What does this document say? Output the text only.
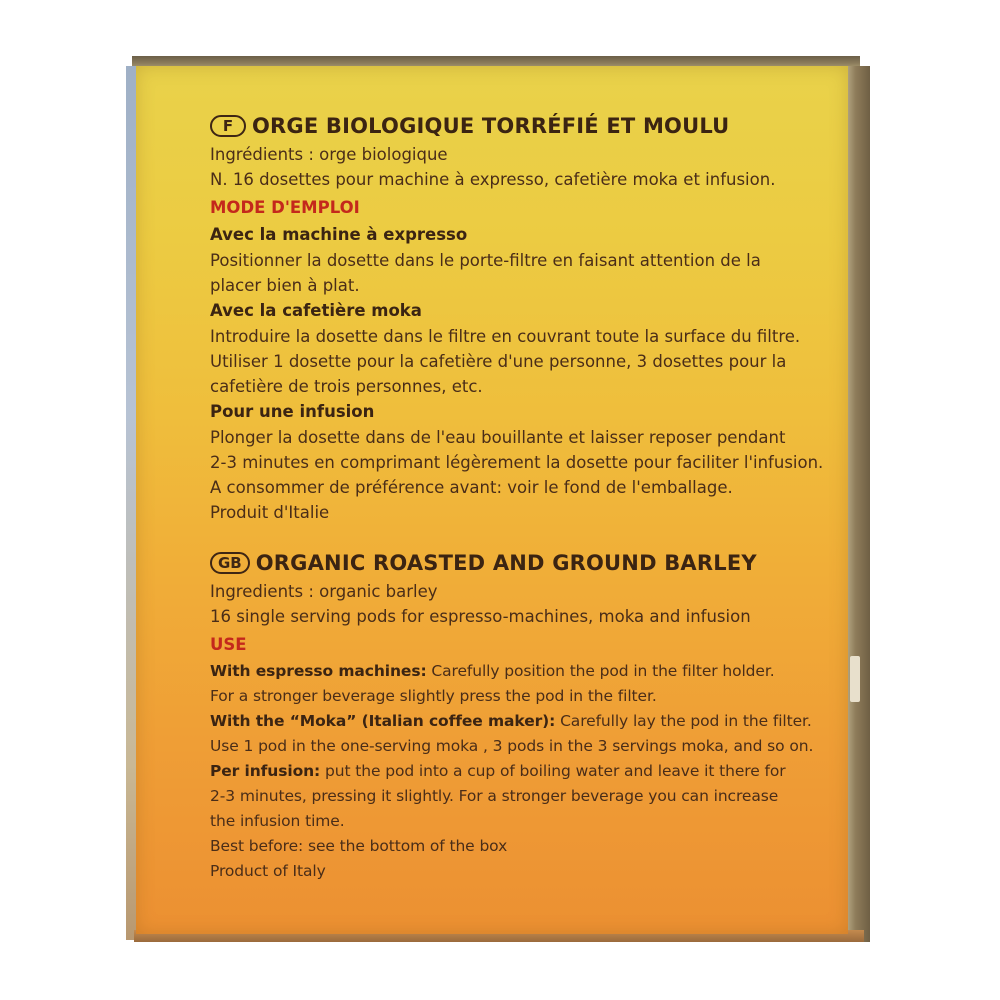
F ORGE BIOLOGIQUE TORRÉFIÉ ET MOULU
Ingrédients : orge biologique
N. 16 dosettes pour machine à expresso, cafetière moka et infusion.
MODE D'EMPLOI
Avec la machine à expresso
Positionner la dosette dans le porte-filtre en faisant attention de la
placer bien à plat.
Avec la cafetière moka
Introduire la dosette dans le filtre en couvrant toute la surface du filtre.
Utiliser 1 dosette pour la cafetière d'une personne, 3 dosettes pour la
cafetière de trois personnes, etc.
Pour une infusion
Plonger la dosette dans de l'eau bouillante et laisser reposer pendant
2-3 minutes en comprimant légèrement la dosette pour faciliter l'infusion.
A consommer de préférence avant: voir le fond de l'emballage.
Produit d'Italie
GB ORGANIC ROASTED AND GROUND BARLEY
Ingredients : organic barley
16 single serving pods for espresso-machines, moka and infusion
USE
With espresso machines: Carefully position the pod in the filter holder.
For a stronger beverage slightly press the pod in the filter.
With the “Moka” (Italian coffee maker): Carefully lay the pod in the filter.
Use 1 pod in the one-serving moka , 3 pods in the 3 servings moka, and so on.
Per infusion: put the pod into a cup of boiling water and leave it there for
2-3 minutes, pressing it slightly. For a stronger beverage you can increase
the infusion time.
Best before: see the bottom of the box
Product of Italy
